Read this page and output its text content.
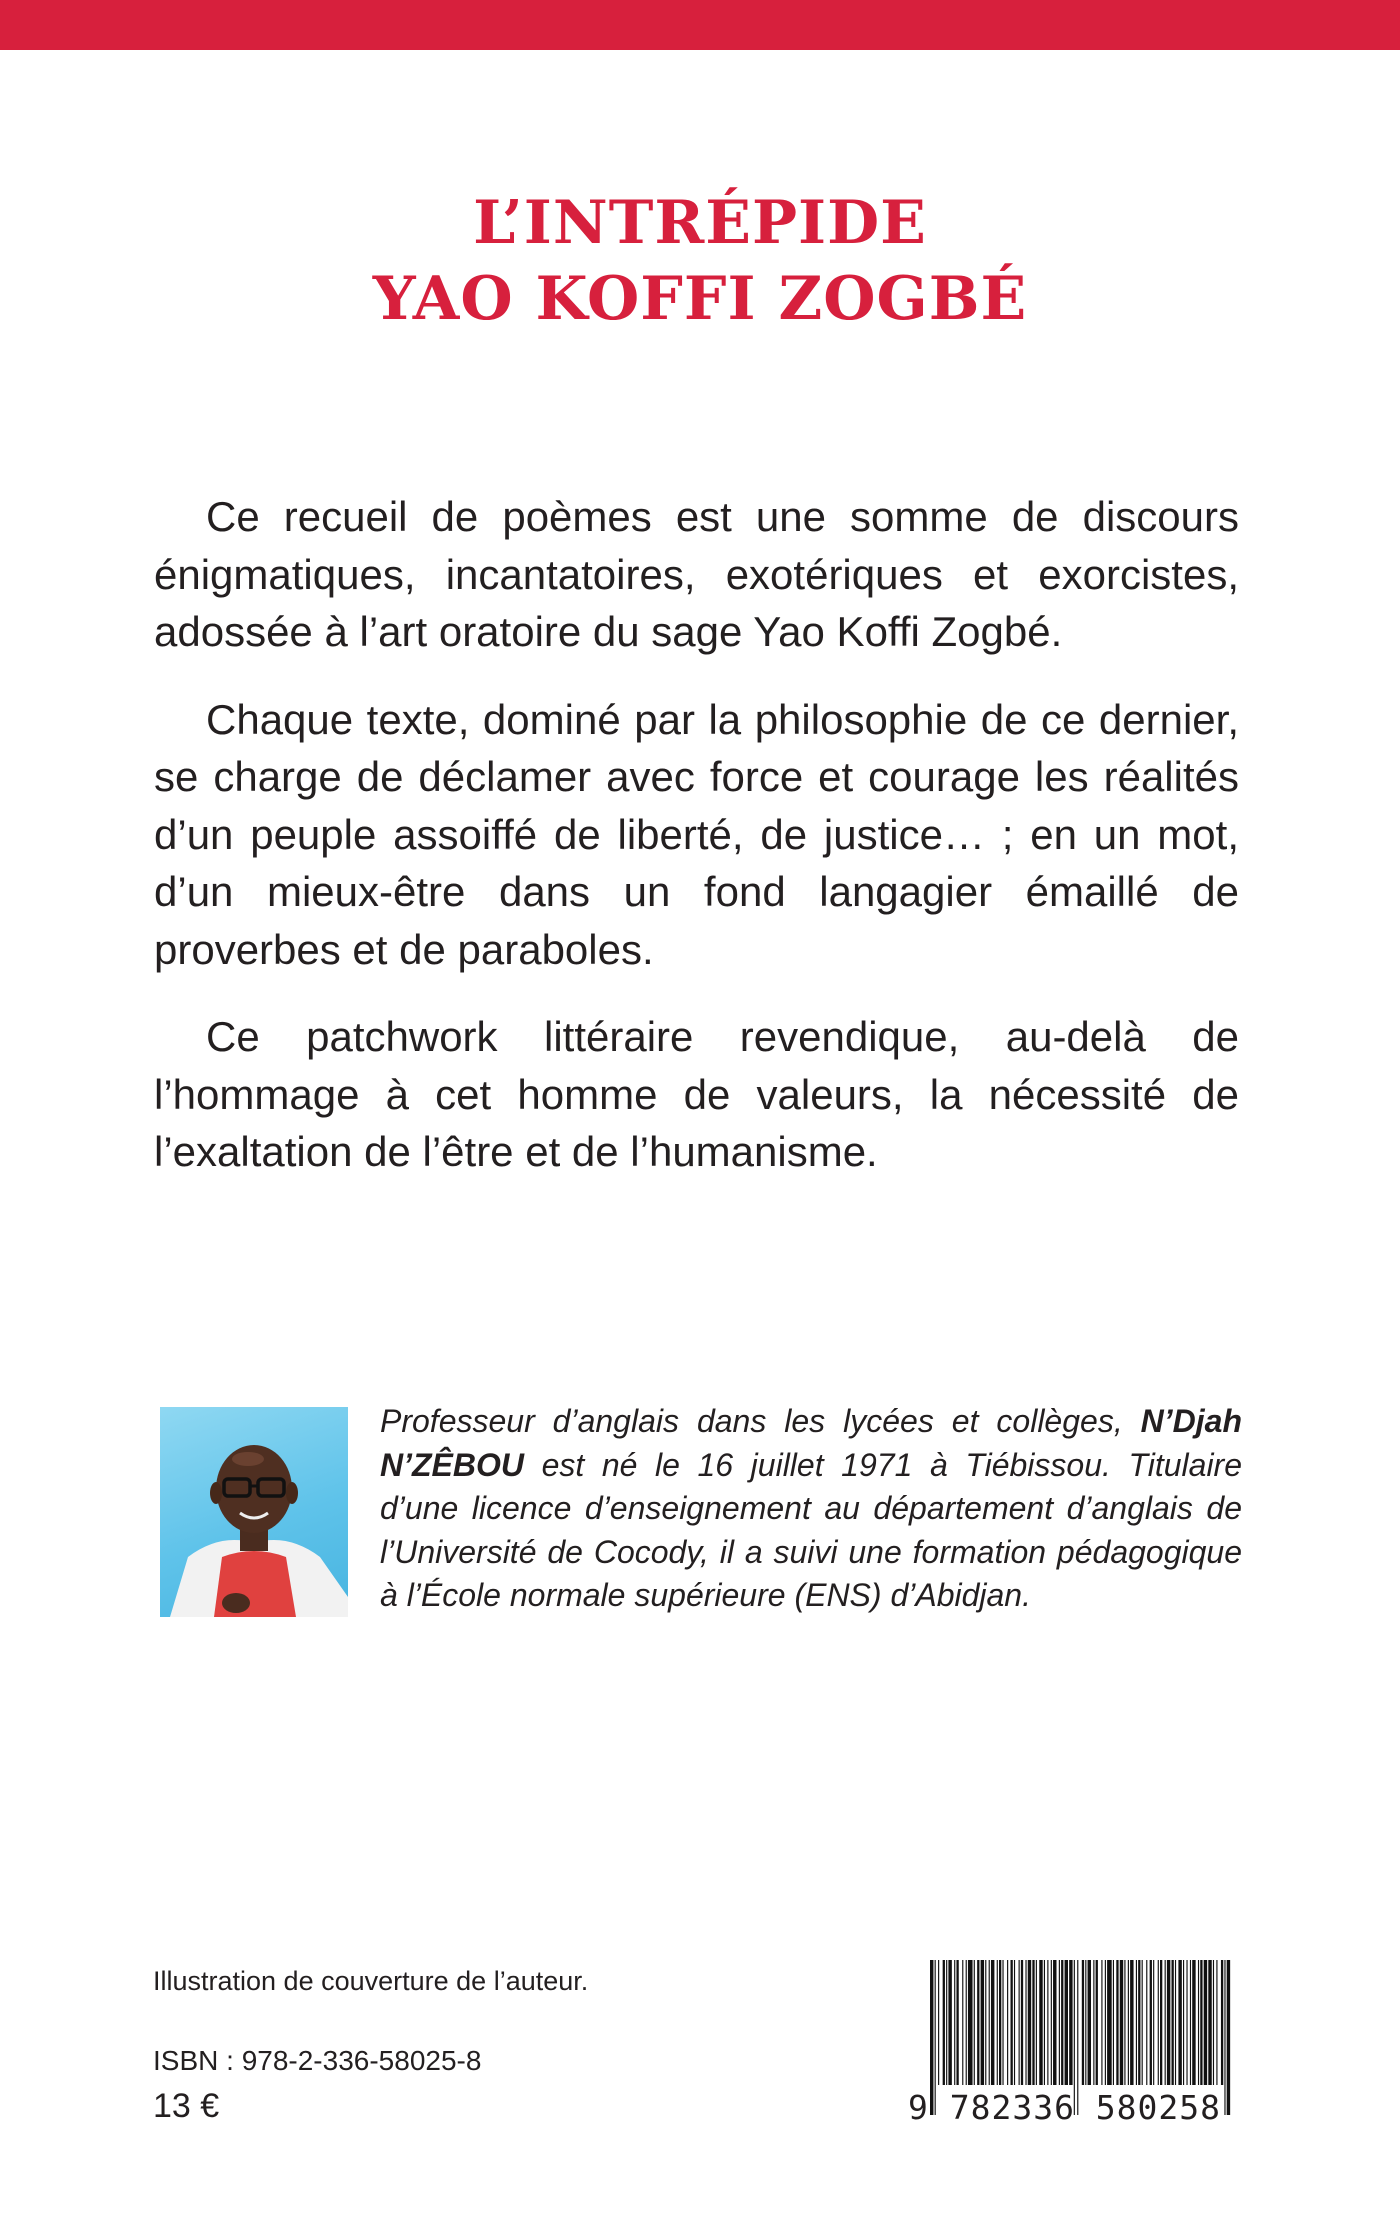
L’INTRÉPIDE
YAO KOFFI ZOGBÉ

Ce recueil de poèmes est une somme de discours énigmatiques, incantatoires, exotériques et exorcistes, adossée à l’art oratoire du sage Yao Koffi Zogbé.

Chaque texte, dominé par la philosophie de ce dernier, se charge de déclamer avec force et courage les réalités d’un peuple assoiffé de liberté, de justice… ; en un mot, d’un mieux-être dans un fond langagier émaillé de proverbes et de paraboles.

Ce patchwork littéraire revendique, au-delà de l’hommage à cet homme de valeurs, la nécessité de l’exaltation de l’être et de l’humanisme.

Professeur d’anglais dans les lycées et collèges, N’Djah N’ZÊBOU est né le 16 juillet 1971 à Tiébissou. Titulaire d’une licence d’enseignement au département d’anglais de l’Université de Cocody, il a suivi une formation pédagogique à l’École normale supérieure (ENS) d’Abidjan.
Illustration de couverture de l’auteur.
ISBN : 978-2-336-58025-8
13 €	9 782336 580258
